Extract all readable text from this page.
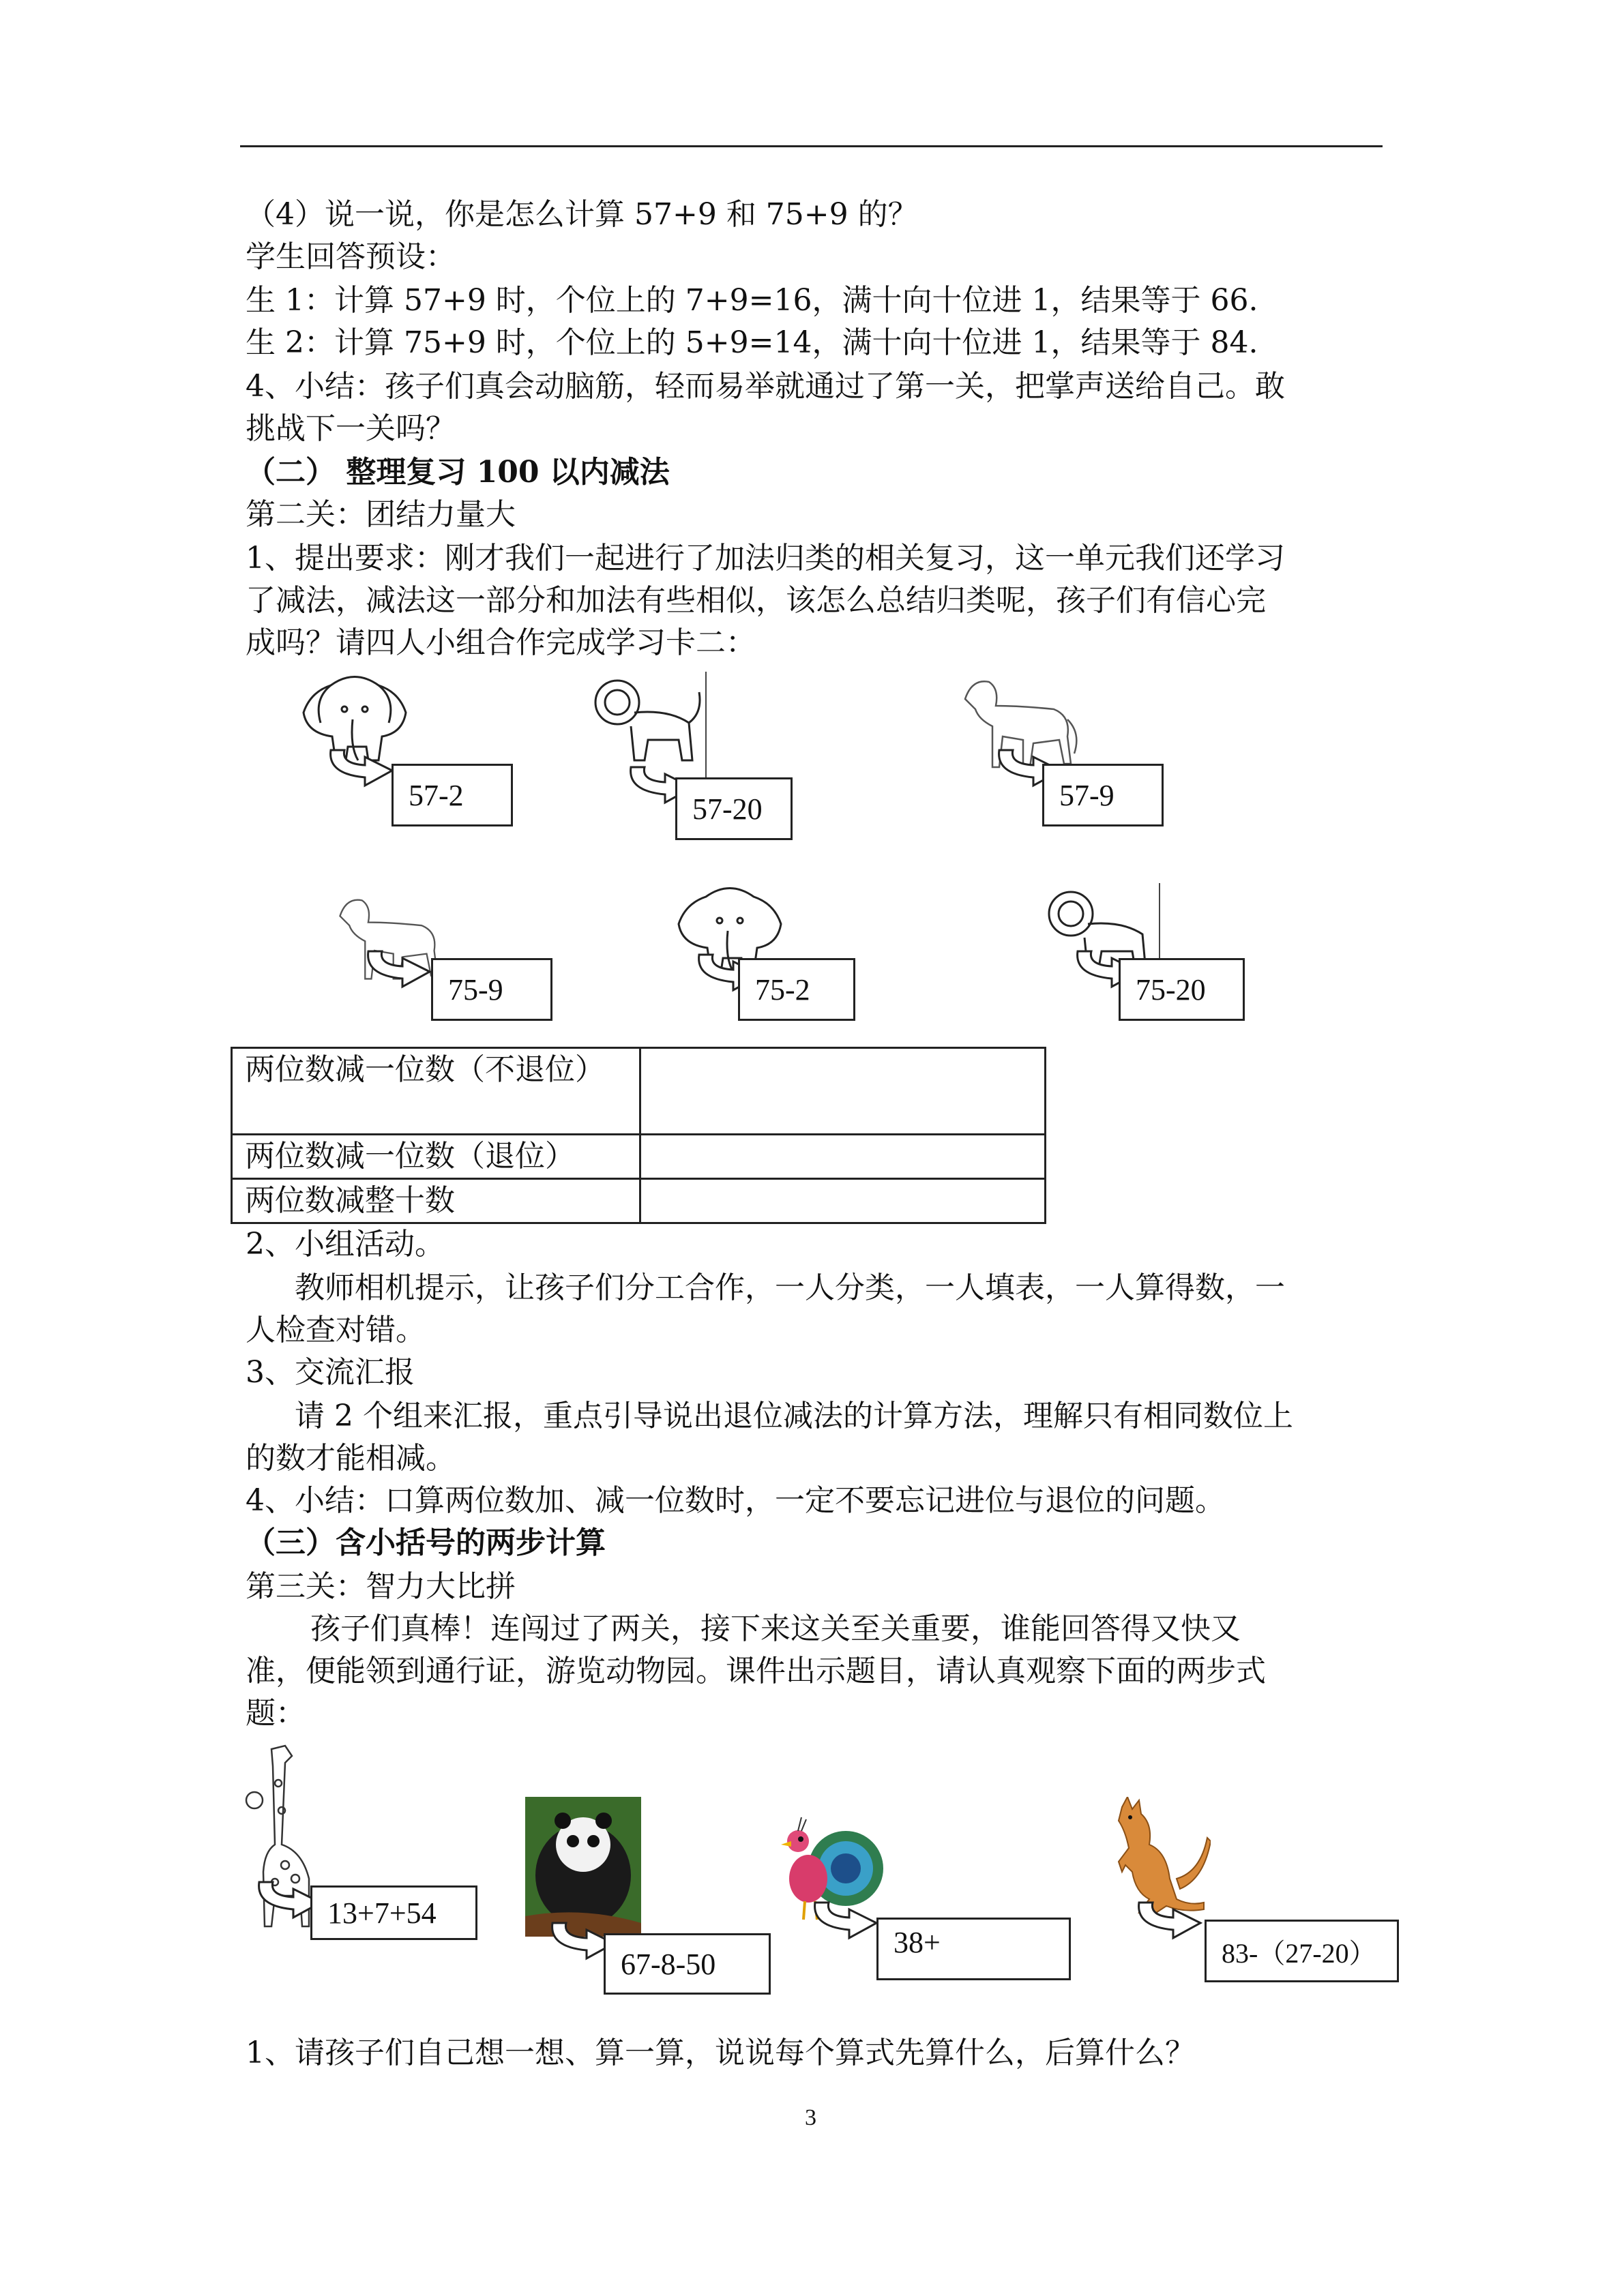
（4）说一说，你是怎么计算 57+9 和 75+9 的？
学生回答预设：
生 1：计算 57+9 时，个位上的 7+9=16，满十向十位进 1，结果等于 66.
生 2：计算 75+9 时，个位上的 5+9=14，满十向十位进 1，结果等于 84.
4、小结：孩子们真会动脑筋，轻而易举就通过了第一关，把掌声送给自己。敢
挑战下一关吗？
（二） 整理复习 100 以内减法
第二关：团结力量大
1、提出要求：刚才我们一起进行了加法归类的相关复习，这一单元我们还学习
了减法，减法这一部分和加法有些相似，该怎么总结归类呢，孩子们有信心完
成吗？请四人小组合作完成学习卡二：
57-2	57-20	57-9
75-9	75-2	75-20
两位数减一位数（不退位）	
两位数减一位数（退位）	
两位数减整十数	
2、小组活动。
教师相机提示，让孩子们分工合作，一人分类，一人填表，一人算得数，一
人检查对错。
3、交流汇报
请 2 个组来汇报，重点引导说出退位减法的计算方法，理解只有相同数位上
的数才能相减。
4、小结：口算两位数加、减一位数时，一定不要忘记进位与退位的问题。
（三）含小括号的两步计算
第三关：智力大比拼
孩子们真棒！连闯过了两关，接下来这关至关重要，谁能回答得又快又
准，便能领到通行证，游览动物园。课件出示题目，请认真观察下面的两步式
题：
13+7+54
67-8-50
38+	83-（27-20）
1、请孩子们自己想一想、算一算，说说每个算式先算什么，后算什么？
3
